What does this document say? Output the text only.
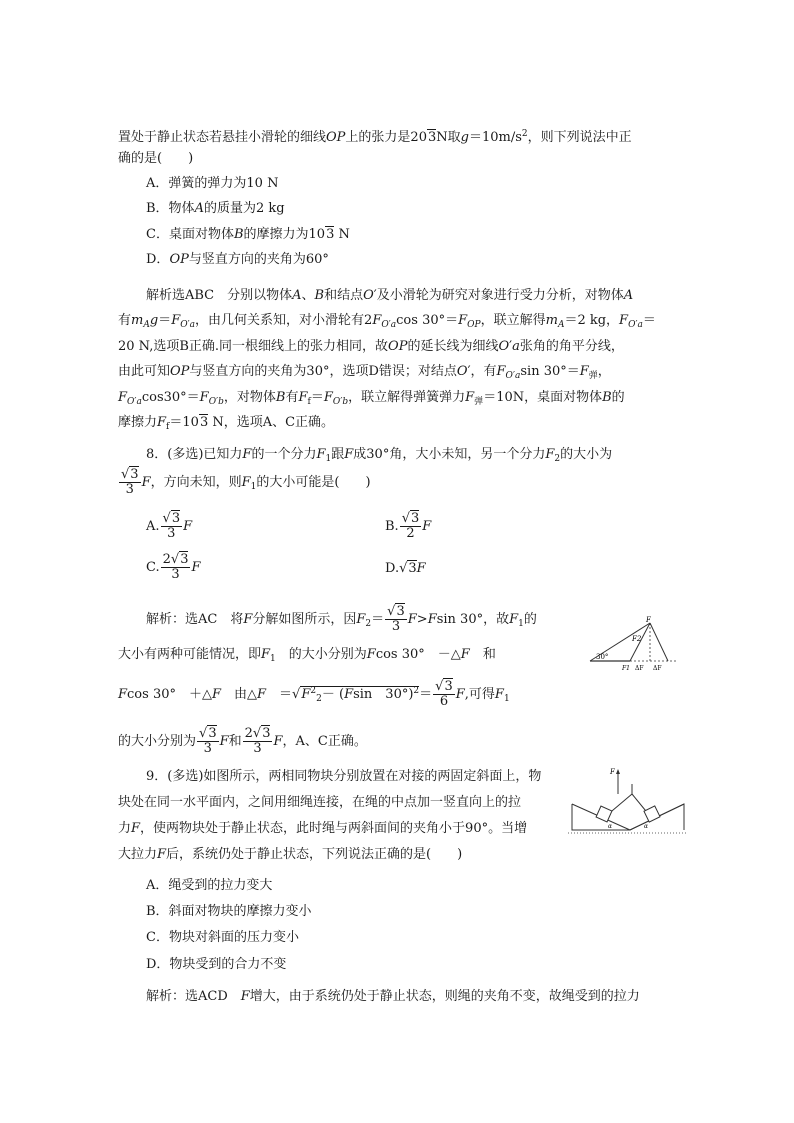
置处于静止状态若悬挂小滑轮的细线OP上的张力是203N取$g=10m/s^2$，则下列说法中正
确的是(　　)
A．弹簧的弹力为10 N
B．物体A的质量为2 kg
C．桌面对物体B的摩擦力为103 N
D．OP与竖直方向的夹角为60°
解析选ABC　分别以物体A、B和结点O′及小滑轮为研究对象进行受力分析，对物体A
有$m_Ag=F_{O'a}$，由几何关系知，对小滑轮有$2F_{O'a}\cos$ $30^\circ=F_{OP}$，联立解得$m_A=2$ kg，$F_{O'a}=$
20 N,选项B正确.同一根细线上的张力相同，故OP的延长线为细线O′a张角的角平分线，
由此可知OP与竖直方向的夹角为30°，选项D错误；对结点O′，有$F_{O'a}\sin$ $30^\circ=F_弹$，
$F_{O'a}\cos 30^\circ=F_{O'b}$，对物体B有$F_f=F_{O'b}$，联立解得弹簧弹力$F_弹=10N$，桌面对物体B的
摩擦力$F_f=103$ N，选项A、C正确。
8．(多选)已知力F的一个分力$F_1$跟F成30°角，大小未知，另一个分力$F_2$的大小为
$\frac{√3}{3}$ F，方向未知，则$F_1$的大小可能是(　　)
A. $\frac{√3}{3}$ F	B. $\frac{√3}{2}$ F
C. $\frac{2√3}{3}$ F	D.√3F
解析：选AC　将F分解如图所示，因$F_2= \frac{√3}{3} F>Fsin$ 30°，故$F_1$的
大小有两种可能情况，即$F_1$　的大小分别为Fcos 30°　－△F　和
Fcos 30°　＋△F　由△F　$=√F^2_2- (Fsin$　$30^\circ)^2= \frac{√3}{6} F$,可得$F_1$
的大小分别为 $\frac{√3}{3}$ F和 $\frac{2√3}{3}$ F，A、C正确。
F
F2
30°
F1 ΔF ΔF
9．(多选)如图所示，两相同物块分别放置在对接的两固定斜面上，物
块处在同一水平面内，之间用细绳连接，在绳的中点加一竖直向上的拉
力F，使两物块处于静止状态，此时绳与两斜面间的夹角小于90°。当增
大拉力F后，系统仍处于静止状态，下列说法正确的是(　　)
A．绳受到的拉力变大
B．斜面对物块的摩擦力变小
C．物块对斜面的压力变小
D．物块受到的合力不变
解析：选ACD　F增大，由于系统仍处于静止状态，则绳的夹角不变，故绳受到的拉力
F
α	α
